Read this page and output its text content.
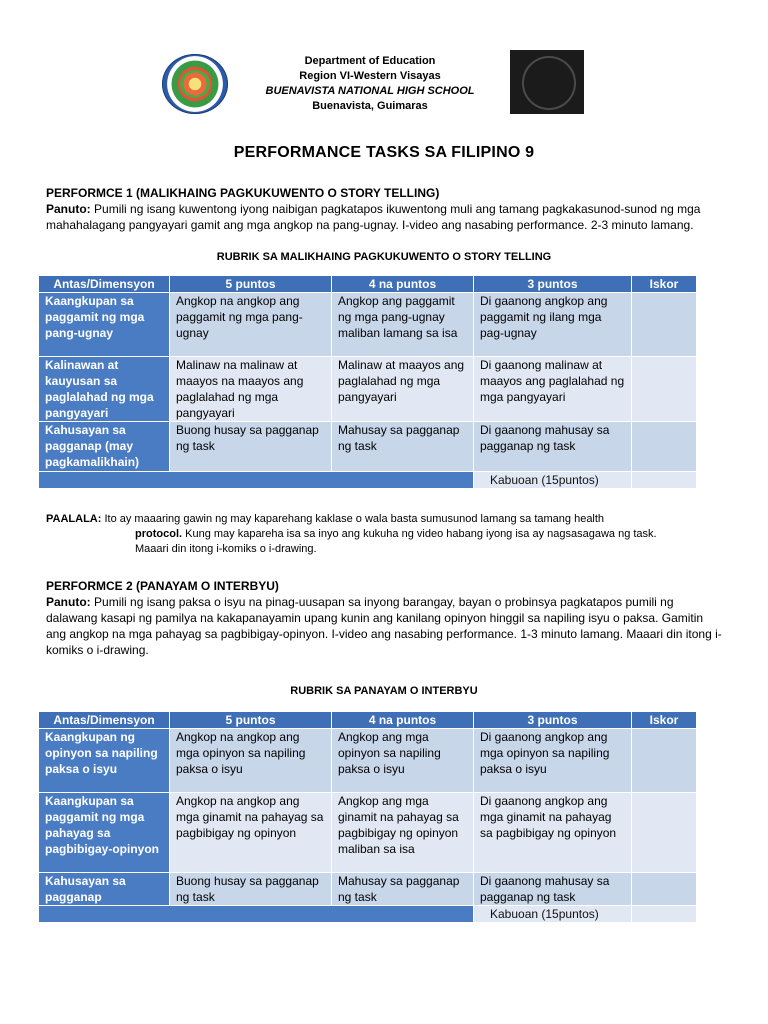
Department of Education
Region VI-Western Visayas
BUENAVISTA NATIONAL HIGH SCHOOL
Buenavista, Guimaras
PERFORMANCE TASKS SA FILIPINO 9
PERFORMCE 1 (MALIKHAING PAGKUKUWENTO O STORY TELLING)
Panuto: Pumili ng isang kuwentong iyong naibigan pagkatapos ikuwentong muli ang tamang pagkakasunod-sunod ng mga mahahalagang pangyayari gamit ang mga angkop na pang-ugnay. I-video ang nasabing performance. 2-3 minuto lamang.
RUBRIK SA MALIKHAING PAGKUKUWENTO O STORY TELLING
Antas/Dimensyon	5 puntos	4 na puntos	3 puntos	Iskor
Kaangkupan sa paggamit ng mga pang-ugnay	Angkop na angkop ang paggamit ng mga pang-ugnay	Angkop ang paggamit ng mga pang-ugnay maliban lamang sa isa	Di gaanong angkop ang paggamit ng ilang mga pag-ugnay	
Kalinawan at kauyusan sa paglalahad ng mga pangyayari	Malinaw na malinaw at maayos na maayos ang paglalahad ng mga pangyayari	Malinaw at maayos ang paglalahad ng mga pangyayari	Di gaanong malinaw at maayos ang paglalahad ng mga pangyayari	
Kahusayan sa pagganap (may pagkamalikhain)	Buong husay sa pagganap ng task	Mahusay sa pagganap ng task	Di gaanong mahusay sa pagganap ng task	
			Kabuoan (15puntos)	
PAALALA: Ito ay maaaring gawin ng may kaparehang kaklase o wala basta sumusunod lamang sa tamang health
protocol. Kung may kapareha isa sa inyo ang kukuha ng video habang iyong isa ay nagsasagawa ng task.
Maaari din itong i-komiks o i-drawing.
PERFORMCE 2 (PANAYAM O INTERBYU)
Panuto: Pumili ng isang paksa o isyu na pinag-uusapan sa inyong barangay, bayan o probinsya pagkatapos pumili ng dalawang kasapi ng pamilya na kakapanayamin upang kunin ang kanilang opinyon hinggil sa napiling isyu o paksa. Gamitin ang angkop na mga pahayag sa pagbibigay-opinyon. I-video ang nasabing performance. 1-3 minuto lamang. Maaari din itong i-komiks o i-drawing.
RUBRIK SA PANAYAM O INTERBYU
Antas/Dimensyon	5 puntos	4 na puntos	3 puntos	Iskor
Kaangkupan ng opinyon sa napiling paksa o isyu	Angkop na angkop ang mga opinyon sa napiling paksa o isyu	Angkop ang mga opinyon sa napiling paksa o isyu	Di gaanong angkop ang mga opinyon sa napiling paksa o isyu	
Kaangkupan sa paggamit ng mga pahayag sa pagbibigay-opinyon	Angkop na angkop ang mga ginamit na pahayag sa pagbibigay ng opinyon	Angkop ang mga ginamit na pahayag sa pagbibigay ng opinyon maliban sa isa	Di gaanong angkop ang mga ginamit na pahayag sa pagbibigay ng opinyon	
Kahusayan sa pagganap	Buong husay sa pagganap ng task	Mahusay sa pagganap ng task	Di gaanong mahusay sa pagganap ng task	
			Kabuoan (15puntos)	
